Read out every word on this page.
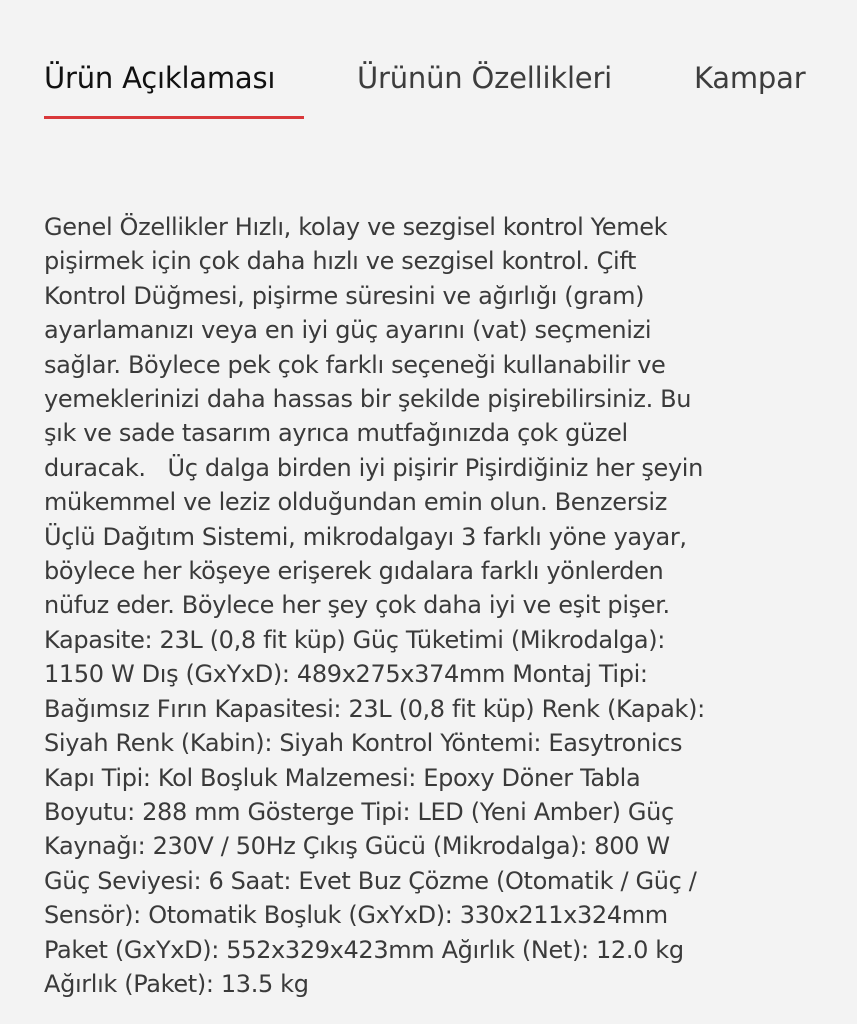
Ürün Açıklaması	Ürünün Özellikleri	Kampar
Genel Özellikler Hızlı, kolay ve sezgisel kontrol Yemek
pişirmek için çok daha hızlı ve sezgisel kontrol. Çift
Kontrol Düğmesi, pişirme süresini ve ağırlığı (gram)
ayarlamanızı veya en iyi güç ayarını (vat) seçmenizi
sağlar. Böylece pek çok farklı seçeneği kullanabilir ve
yemeklerinizi daha hassas bir şekilde pişirebilirsiniz. Bu
şık ve sade tasarım ayrıca mutfağınızda çok güzel
duracak.   Üç dalga birden iyi pişirir Pişirdiğiniz her şeyin
mükemmel ve leziz olduğundan emin olun. Benzersiz
Üçlü Dağıtım Sistemi, mikrodalgayı 3 farklı yöne yayar,
böylece her köşeye erişerek gıdalara farklı yönlerden
nüfuz eder. Böylece her şey çok daha iyi ve eşit pişer.
Kapasite: 23L (0,8 fit küp) Güç Tüketimi (Mikrodalga):
1150 W Dış (GxYxD): 489x275x374mm Montaj Tipi:
Bağımsız Fırın Kapasitesi: 23L (0,8 fit küp) Renk (Kapak):
Siyah Renk (Kabin): Siyah Kontrol Yöntemi: Easytronics
Kapı Tipi: Kol Boşluk Malzemesi: Epoxy Döner Tabla
Boyutu: 288 mm Gösterge Tipi: LED (Yeni Amber) Güç
Kaynağı: 230V / 50Hz Çıkış Gücü (Mikrodalga): 800 W
Güç Seviyesi: 6 Saat: Evet Buz Çözme (Otomatik / Güç /
Sensör): Otomatik Boşluk (GxYxD): 330x211x324mm
Paket (GxYxD): 552x329x423mm Ağırlık (Net): 12.0 kg
Ağırlık (Paket): 13.5 kg
